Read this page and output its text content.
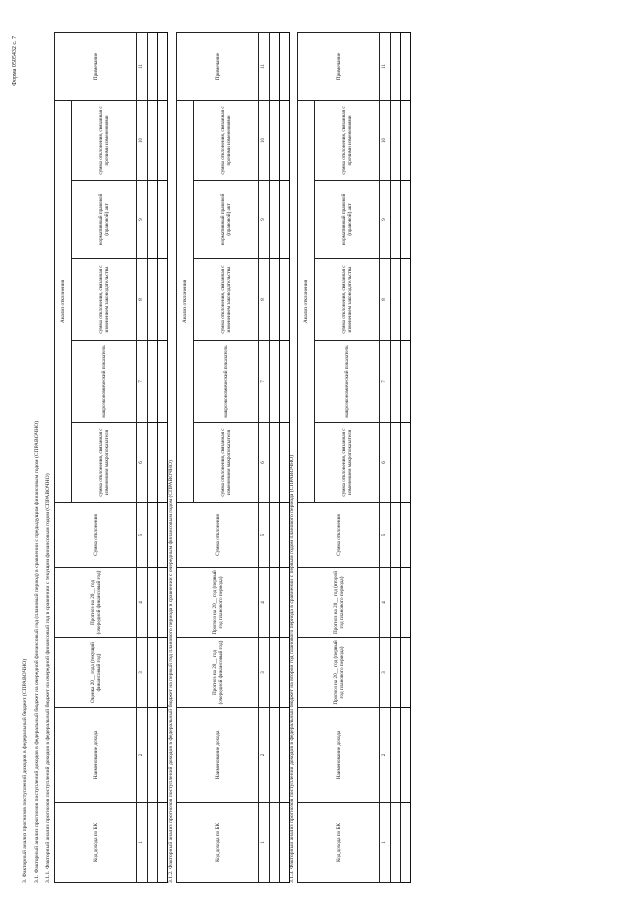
Форма 0505432 с. 7
3. Факторный анализ прогнозов поступлений доходов в федеральный бюджет (СПРАВОЧНО) 3.1. Факторный анализ прогнозов поступлений доходов в федеральный бюджет на очередной финансовый год (плановый период) в сравнении с предыдущим финансовым годом (СПРАВОЧНО) 3.1.1. Факторный анализ прогнозов поступлений доходов в федеральный бюджет на очередной финансовый год в сравнении с текущим финансовым годом (СПРАВОЧНО)	Код дохода по БК	Наименование дохода	Оценка 20__ года (текущий финансовый год)	Прогноз на 20__ год (очередной финансовый год)	Сумма отклонения	Анализ отклонения					Примечание
					сумма отклонения, связанная с изменением макропоказателя	макроэкономический показатель	сумма отклонения, связанная с изменением законодательства	нормативный правовой (правовой) акт	сумма отклонения, связанная с прочими изменениями	
1	2	3	4	5	6	7	8	9	10	11

3.1.2. Факторный анализ прогнозов поступлений доходов в федеральный бюджет на первый год планового периода в сравнении с очередным финансовым годом (СПРАВОЧНО)	Код дохода по БК	Наименование дохода	Прогноз на 20__ год (очередной финансовый год)	Прогноз на 20__ год (первый год планового периода)	Сумма отклонения	Анализ отклонения					Примечание
					сумма отклонения, связанная с изменением макропоказателя	макроэкономический показатель	сумма отклонения, связанная с изменением законодательства	нормативный правовой (правовой) акт	сумма отклонения, связанная с прочими изменениями	
1	2	3	4	5	6	7	8	9	10	11

3.1.3. Факторный анализ прогнозов поступлений доходов в федеральный бюджет на второй год планового периода в сравнении с первым годом планового периода (СПРАВОЧНО)	Код дохода по БК	Наименование дохода	Прогноз на 20__ год (первый год планового периода)	Прогноз на 20__ год (второй год планового периода)	Сумма отклонения	Анализ отклонения					Примечание
					сумма отклонения, связанная с изменением макропоказателя	макроэкономический показатель	сумма отклонения, связанная с изменением законодательства	нормативный правовой (правовой) акт	сумма отклонения, связанная с прочими изменениями	
1	2	3	4	5	6	7	8	9	10	11
